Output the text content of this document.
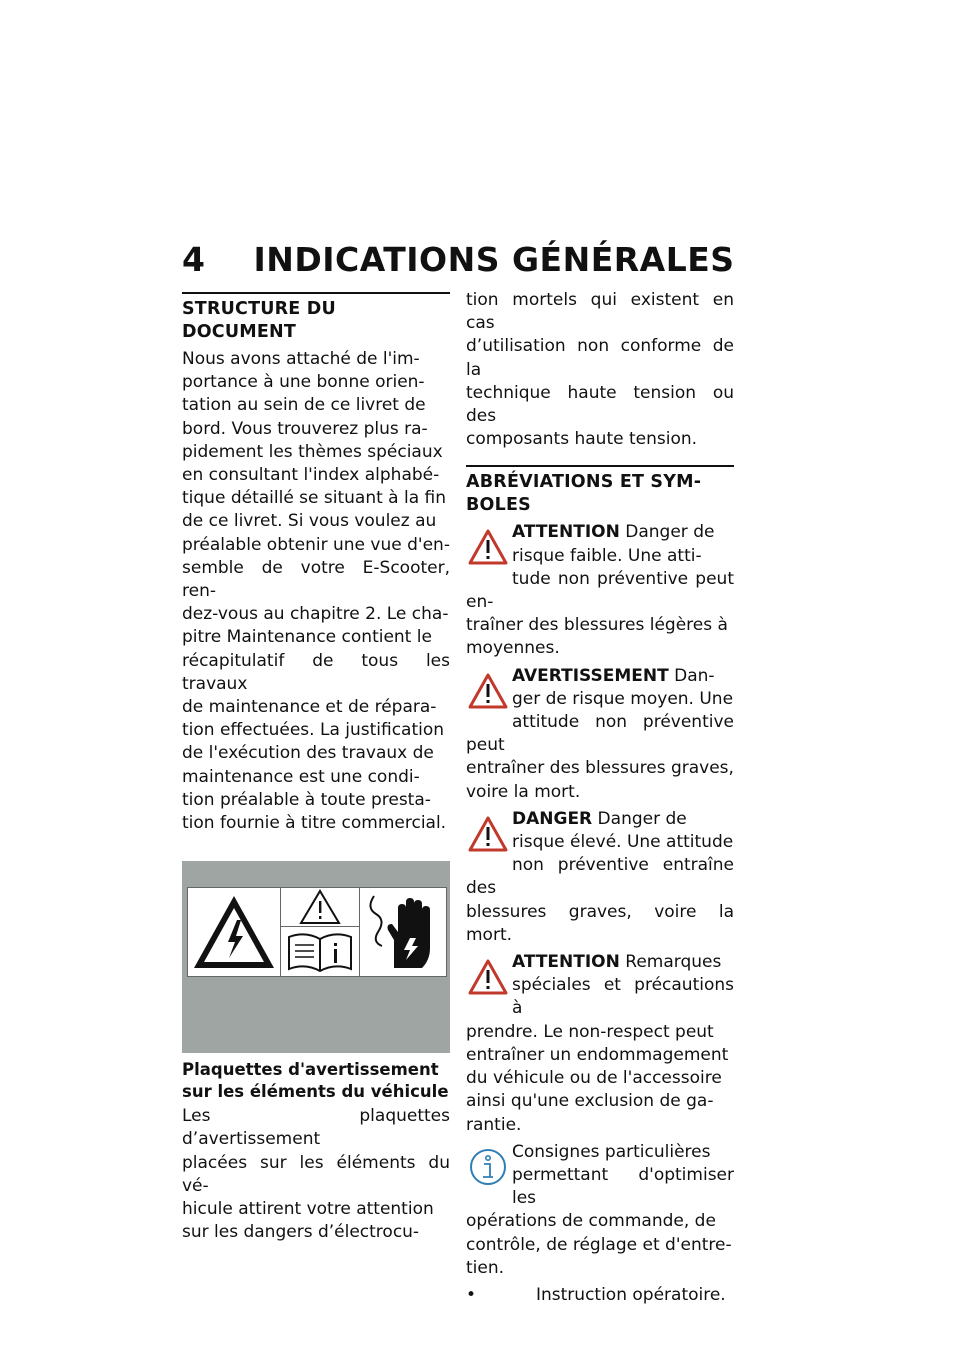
4 INDICATIONS GÉNÉRALES
STRUCTURE DU DOCUMENT

Nous avons attaché de l'im-
portance à une bonne orien-
tation au sein de ce livret de
bord. Vous trouverez plus ra-
pidement les thèmes spéciaux
en consultant l'index alphabé-
tique détaillé se situant à la fin
de ce livret. Si vous voulez au
préalable obtenir une vue d'en-
semble de votre E-Scooter, ren-
dez-vous au chapitre 2. Le cha-
pitre Maintenance contient le
récapitulatif de tous les travaux
de maintenance et de répara-
tion effectuées. La justification
de l'exécution des travaux de
maintenance est une condi-
tion préalable à toute presta-
tion fournie à titre commercial.

Plaquettes d'avertissement
sur les éléments du véhicule

Les plaquettes d’avertissement
placées sur les éléments du vé-
hicule attirent votre attention
sur les dangers d’électrocu-

tion mortels qui existent en cas
d’utilisation non conforme de la
technique haute tension ou des
composants haute tension.

ABRÉVIATIONS ET SYM-
BOLES

ATTENTION Danger de
risque faible. Une atti-
tude non préventive peut en-
traîner des blessures légères à
moyennes.

AVERTISSEMENT Dan-
ger de risque moyen. Une
attitude non préventive peut
entraîner des blessures graves,
voire la mort.

DANGER Danger de
risque élevé. Une attitude
non préventive entraîne des
blessures graves, voire la mort.

ATTENTION Remarques
spéciales et précautions à
prendre. Le non-respect peut
entraîner un endommagement
du véhicule ou de l'accessoire
ainsi qu'une exclusion de ga-
rantie.

Consignes particulières
permettant d'optimiser les
opérations de commande, de
contrôle, de réglage et d'entre-
tien.

•	Instruction opératoire.
